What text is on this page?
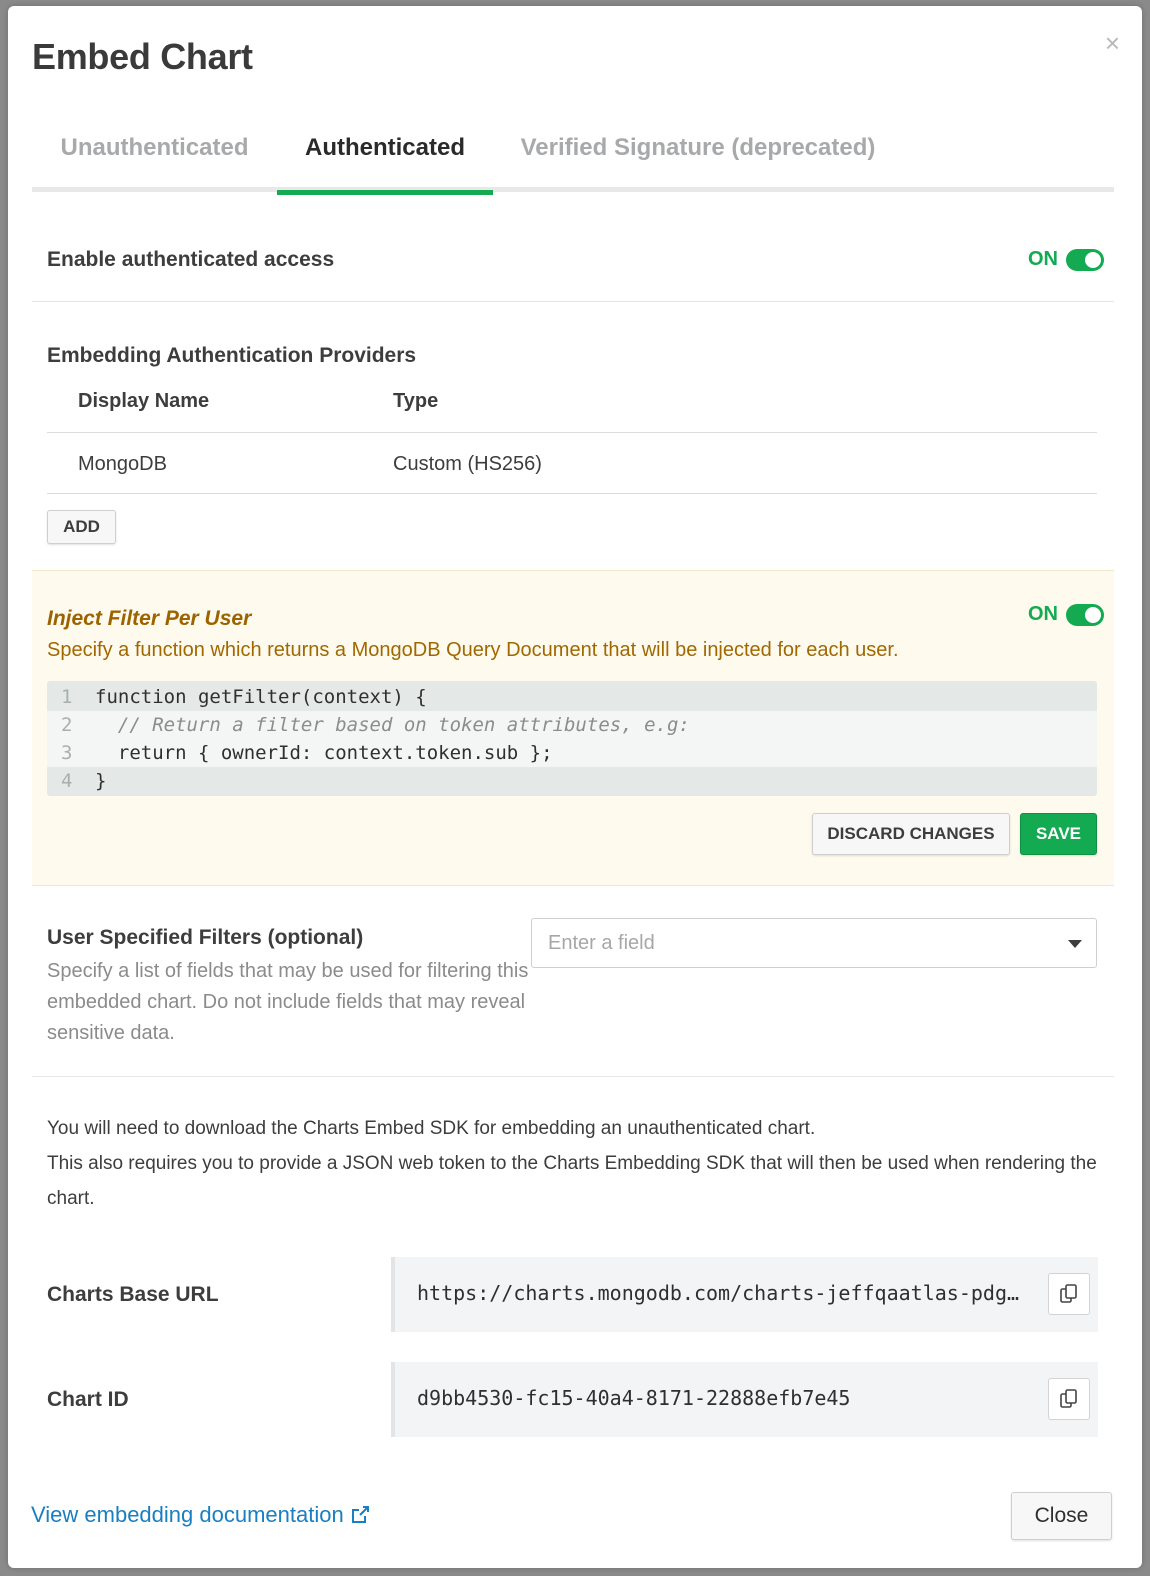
Embed Chart	×
Unauthenticated	Authenticated	Verified Signature (deprecated)
Enable authenticated access	ON
Embedding Authentication Providers
Display Name	Type
MongoDB	Custom (HS256)
ADD
Inject Filter Per User	ON
Specify a function which returns a MongoDB Query Document that will be injected for each user.
1 function getFilter(context) {
2 // Return a filter based on token attributes, e.g:
3 return { ownerId: context.token.sub };
4 }
DISCARD CHANGES	SAVE
User Specified Filters (optional)
Specify a list of fields that may be used for filtering this embedded chart. Do not include fields that may reveal sensitive data.
Enter a field
You will need to download the Charts Embed SDK for embedding an unauthenticated chart.
This also requires you to provide a JSON web token to the Charts Embedding SDK that will then be used when rendering the chart.
Charts Base URL	https://charts.mongodb.com/charts-jeffqaatlas-pdg…
Chart ID	d9bb4530-fc15-40a4-8171-22888efb7e45
View embedding documentation	Close
